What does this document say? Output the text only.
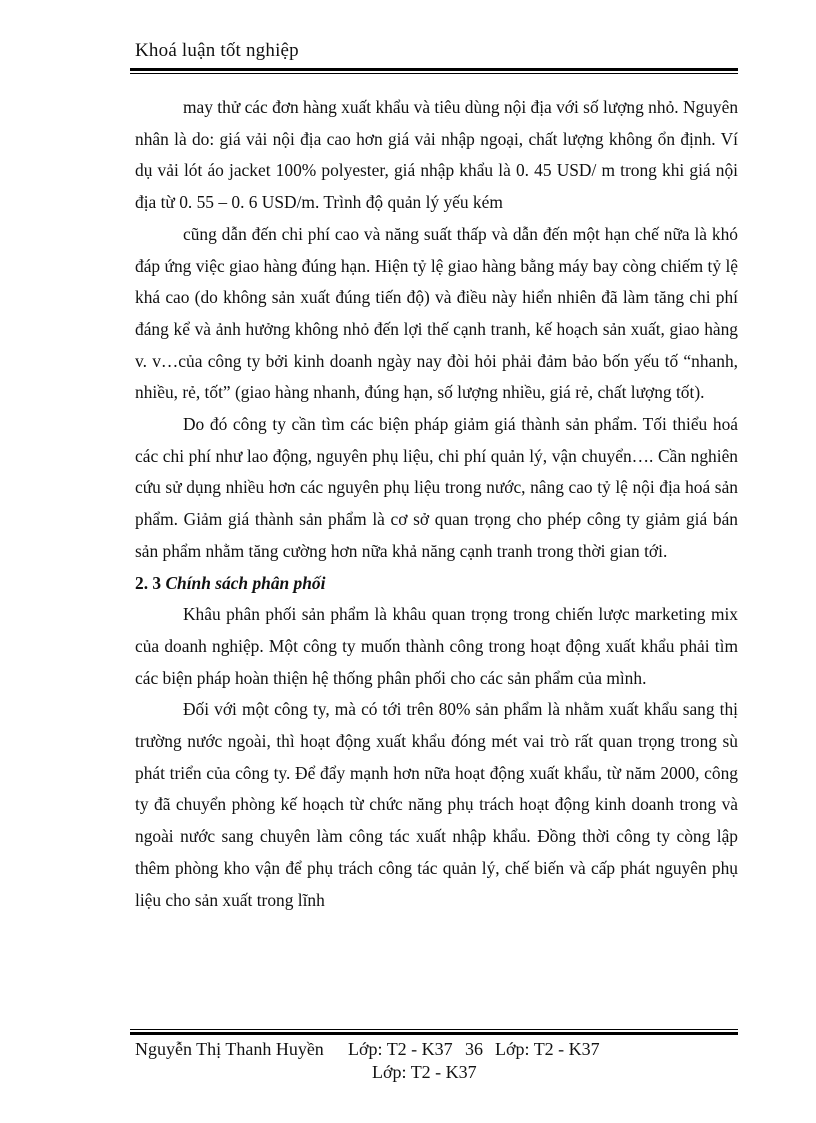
Khoá luận tốt nghiệp

may thử các đơn hàng xuất khẩu và tiêu dùng nội địa với số lượng nhỏ. Nguyên nhân là do: giá vải nội địa cao hơn giá vải nhập ngoại, chất lượng không ổn định. Ví dụ vải lót áo jacket 100% polyester, giá nhập khẩu là 0. 45 USD/ m trong khi giá nội địa từ 0. 55 – 0. 6 USD/m. Trình độ quản lý yếu kém

cũng dẫn đến chi phí cao và năng suất thấp và dẫn đến một hạn chế nữa là khó đáp ứng việc giao hàng đúng hạn. Hiện tỷ lệ giao hàng bằng máy bay còng chiếm tỷ lệ khá cao (do không sản xuất đúng tiến độ) và điều này hiển nhiên đã làm tăng chi phí đáng kể và ảnh hưởng không nhỏ đến lợi thế cạnh tranh, kế hoạch sản xuất, giao hàng v. v…của công ty bởi kinh doanh ngày nay đòi hỏi phải đảm bảo bốn yếu tố “nhanh, nhiều, rẻ, tốt” (giao hàng nhanh, đúng hạn, số lượng nhiều, giá rẻ, chất lượng tốt).

Do đó công ty cần tìm các biện pháp giảm giá thành sản phẩm. Tối thiểu hoá các chi phí như lao động, nguyên phụ liệu, chi phí quản lý, vận chuyển…. Cần nghiên cứu sử dụng nhiều hơn các nguyên phụ liệu trong nước, nâng cao tỷ lệ nội địa hoá sản phẩm. Giảm giá thành sản phẩm là cơ sở quan trọng cho phép công ty giảm giá bán sản phẩm nhằm tăng cường hơn nữa khả năng cạnh tranh trong thời gian tới.

2. 3 Chính sách phân phối

Khâu phân phối sản phẩm là khâu quan trọng trong chiến lược marketing mix của doanh nghiệp. Một công ty muốn thành công trong hoạt động xuất khẩu phải tìm các biện pháp hoàn thiện hệ thống phân phối cho các sản phẩm của mình.

Đối với một công ty, mà có tới trên 80% sản phẩm là nhằm xuất khẩu sang thị trường nước ngoài, thì hoạt động xuất khẩu đóng mét vai trò rất quan trọng trong sù phát triển của công ty. Để đẩy mạnh hơn nữa hoạt động xuất khẩu, từ năm 2000, công ty đã chuyển phòng kế hoạch từ chức năng phụ trách hoạt động kinh doanh trong và ngoài nước sang chuyên làm công tác xuất nhập khẩu. Đồng thời công ty còng lập thêm phòng kho vận để phụ trách công tác quản lý, chế biến và cấp phát nguyên phụ liệu cho sản xuất trong lĩnh

Nguyễn Thị Thanh Huyền Lớp: T2 - K37 36 Lớp: T2 - K37
Lớp: T2 - K37
